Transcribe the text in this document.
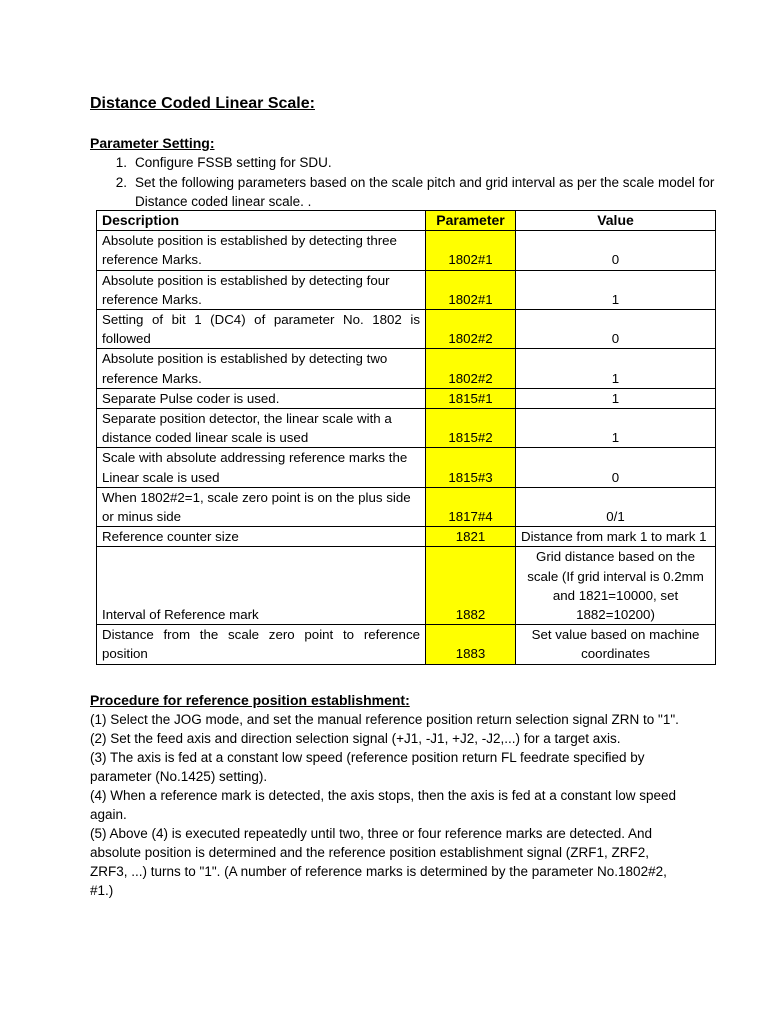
Distance Coded Linear Scale:
Parameter Setting:
1. Configure FSSB setting for SDU.
2. Set the following parameters based on the scale pitch and grid interval as per the scale model for Distance coded linear scale. .
Description	Parameter	Value
Absolute position is established by detecting three reference Marks.	1802#1	0
Absolute position is established by detecting four reference Marks.	1802#1	1
Setting of bit 1 (DC4) of parameter No. 1802 is followed	1802#2	0
Absolute position is established by detecting two reference Marks.	1802#2	1
Separate Pulse coder is used.	1815#1	1
Separate position detector, the linear scale with a distance coded linear scale is used	1815#2	1
Scale with absolute addressing reference marks the Linear scale is used	1815#3	0
When 1802#2=1, scale zero point is on the plus side or minus side	1817#4	0/1
Reference counter size	1821	Distance from mark 1 to mark 1
Interval of Reference mark	1882	Grid distance based on the scale (If grid interval is 0.2mm and 1821=10000, set 1882=10200)
Distance from the scale zero point to reference position	1883	Set value based on machine coordinates
Procedure for reference position establishment:

(1) Select the JOG mode, and set the manual reference position return selection signal ZRN to "1".

(2) Set the feed axis and direction selection signal (+J1, -J1, +J2, -J2,...) for a target axis.

(3) The axis is fed at a constant low speed (reference position return FL feedrate specified by parameter (No.1425) setting).

(4) When a reference mark is detected, the axis stops, then the axis is fed at a constant low speed again.

(5) Above (4) is executed repeatedly until two, three or four reference marks are detected. And absolute position is determined and the reference position establishment signal (ZRF1, ZRF2, ZRF3, ...) turns to "1". (A number of reference marks is determined by the parameter No.1802#2, #1.)
